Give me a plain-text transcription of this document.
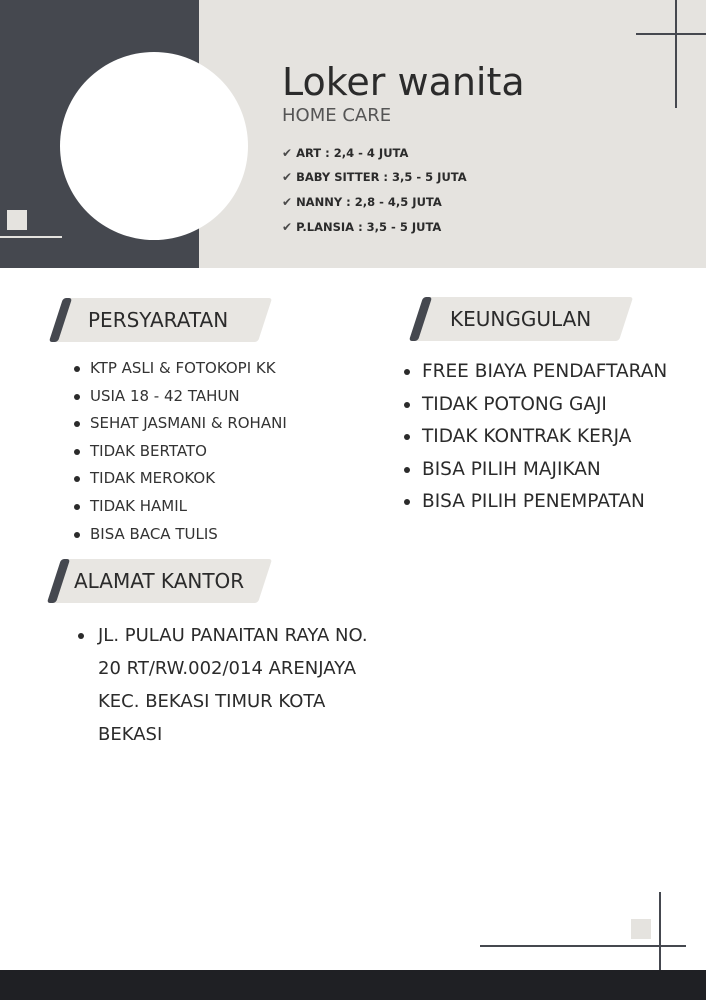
Loker wanita
HOME CARE
✔ ART : 2,4 - 4 JUTA
✔ BABY SITTER : 3,5 - 5 JUTA
✔ NANNY : 2,8 - 4,5 JUTA
✔ P.LANSIA : 3,5 - 5 JUTA
PERSYARATAN
KTP ASLI & FOTOKOPI KK
USIA 18 - 42 TAHUN
SEHAT JASMANI & ROHANI
TIDAK BERTATO
TIDAK MEROKOK
TIDAK HAMIL
BISA BACA TULIS
KEUNGGULAN
FREE BIAYA PENDAFTARAN
TIDAK POTONG GAJI
TIDAK KONTRAK KERJA
BISA PILIH MAJIKAN
BISA PILIH PENEMPATAN
ALAMAT KANTOR

JL. PULAU PANAITAN RAYA NO.

20 RT/RW.002/014 ARENJAYA

KEC. BEKASI TIMUR KOTA

BEKASI
